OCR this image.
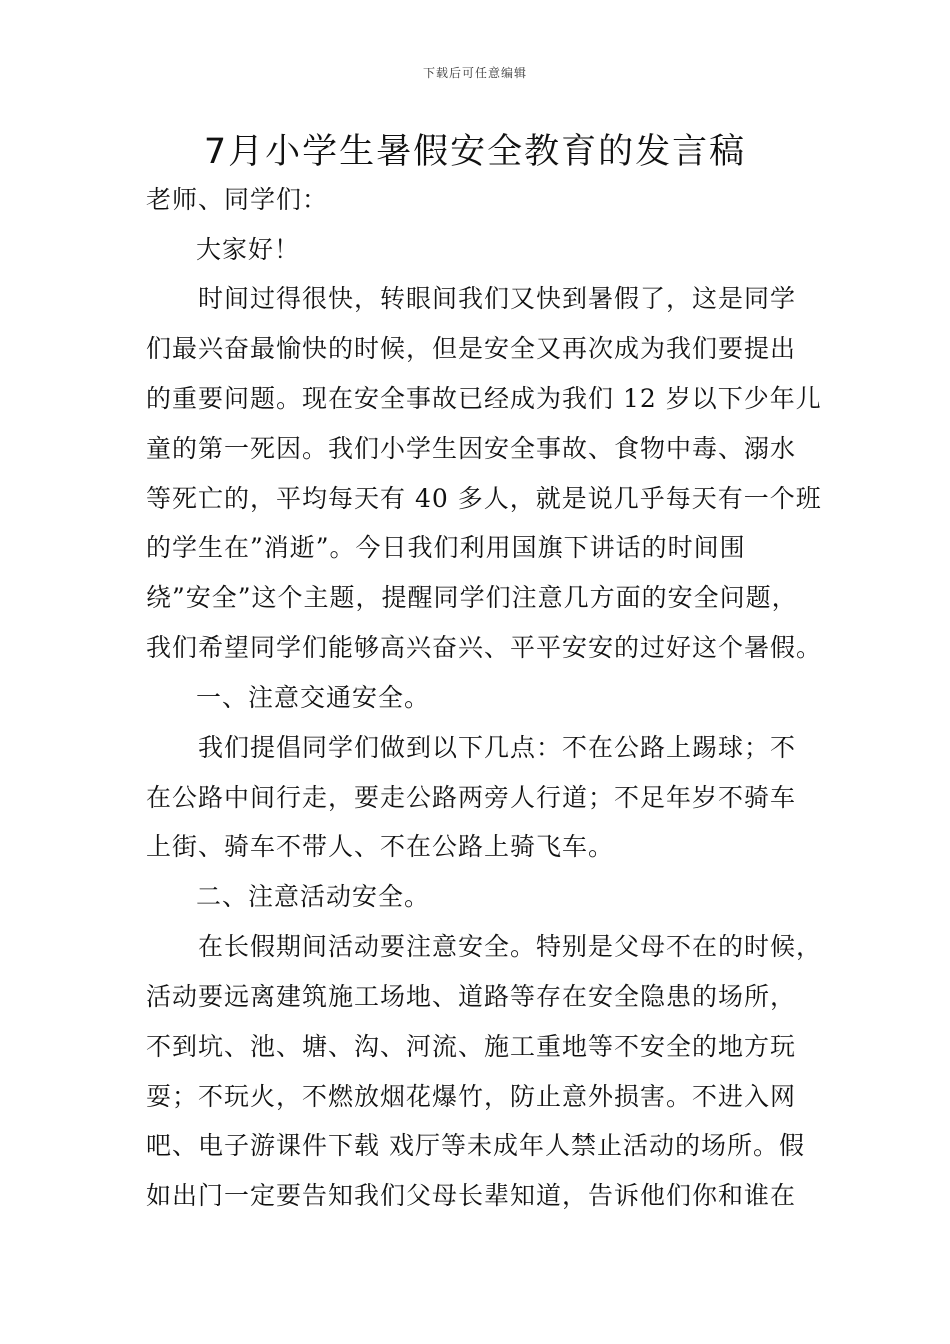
下载后可任意编辑
7月小学生暑假安全教育的发言稿
老师、同学们：
大家好！
时间过得很快，转眼间我们又快到暑假了，这是同学
们最兴奋最愉快的时候，但是安全又再次成为我们要提出
的重要问题。现在安全事故已经成为我们 12 岁以下少年儿
童的第一死因。我们小学生因安全事故、食物中毒、溺水
等死亡的，平均每天有 40 多人，就是说几乎每天有一个班
的学生在”消逝”。今日我们利用国旗下讲话的时间围
绕”安全”这个主题，提醒同学们注意几方面的安全问题，
我们希望同学们能够高兴奋兴、平平安安的过好这个暑假。
一、注意交通安全。
我们提倡同学们做到以下几点：不在公路上踢球；不
在公路中间行走，要走公路两旁人行道；不足年岁不骑车
上街、骑车不带人、不在公路上骑飞车。
二、注意活动安全。
在长假期间活动要注意安全。特别是父母不在的时候，
活动要远离建筑施工场地、道路等存在安全隐患的场所，
不到坑、池、塘、沟、河流、施工重地等不安全的地方玩
耍；不玩火，不燃放烟花爆竹，防止意外损害。不进入网
吧、电子游课件下载 戏厅等未成年人禁止活动的场所。假
如出门一定要告知我们父母长辈知道，告诉他们你和谁在
